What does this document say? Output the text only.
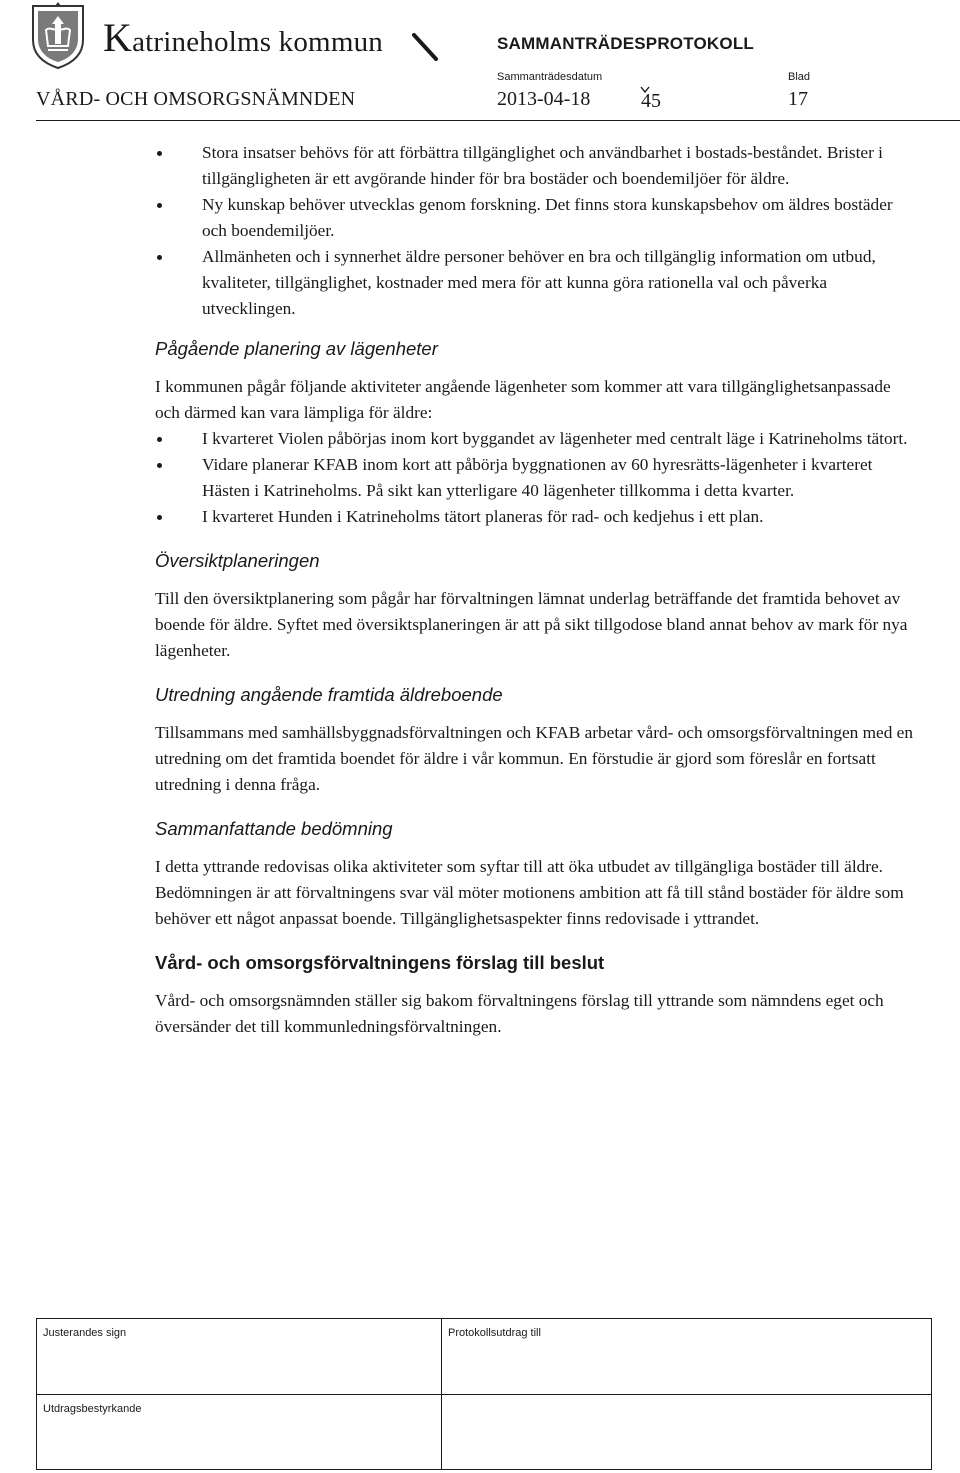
Katrineholms kommun	SAMMANTRÄDESPROTOKOLL
Sammanträdesdatum	Blad
VÅRD- OCH OMSORGSNÄMNDEN	2013-04-18	45	17
Stora insatser behövs för att förbättra tillgänglighet och användbarhet i bostads-beståndet. Brister i tillgängligheten är ett avgörande hinder för bra bostäder och boendemiljöer för äldre.
Ny kunskap behöver utvecklas genom forskning. Det finns stora kunskapsbehov om äldres bostäder och boendemiljöer.
Allmänheten och i synnerhet äldre personer behöver en bra och tillgänglig information om utbud, kvaliteter, tillgänglighet, kostnader med mera för att kunna göra rationella val och påverka utvecklingen.
Pågående planering av lägenheter

I kommunen pågår följande aktiviteter angående lägenheter som kommer att vara tillgänglighetsanpassade och därmed kan vara lämpliga för äldre:

I kvarteret Violen påbörjas inom kort byggandet av lägenheter med centralt läge i Katrineholms tätort.
Vidare planerar KFAB inom kort att påbörja byggnationen av 60 hyresrätts-lägenheter i kvarteret Hästen i Katrineholms. På sikt kan ytterligare 40 lägenheter tillkomma i detta kvarter.
I kvarteret Hunden i Katrineholms tätort planeras för rad- och kedjehus i ett plan.
Översiktplaneringen

Till den översiktplanering som pågår har förvaltningen lämnat underlag beträffande det framtida behovet av boende för äldre. Syftet med översiktsplaneringen är att på sikt tillgodose bland annat behov av mark för nya lägenheter.

Utredning angående framtida äldreboende

Tillsammans med samhällsbyggnadsförvaltningen och KFAB arbetar vård- och omsorgsförvaltningen med en utredning om det framtida boendet för äldre i vår kommun. En förstudie är gjord som föreslår en fortsatt utredning i denna fråga.

Sammanfattande bedömning

I detta yttrande redovisas olika aktiviteter som syftar till att öka utbudet av tillgängliga bostäder till äldre. Bedömningen är att förvaltningens svar väl möter motionens ambition att få till stånd bostäder för äldre som behöver ett något anpassat boende. Tillgänglighetsaspekter finns redovisade i yttrandet.

Vård- och omsorgsförvaltningens förslag till beslut

Vård- och omsorgsnämnden ställer sig bakom förvaltningens förslag till yttrande som nämndens eget och översänder det till kommunledningsförvaltningen.

Justerandes sign	Protokollsutdrag till
Utdragsbestyrkande	
